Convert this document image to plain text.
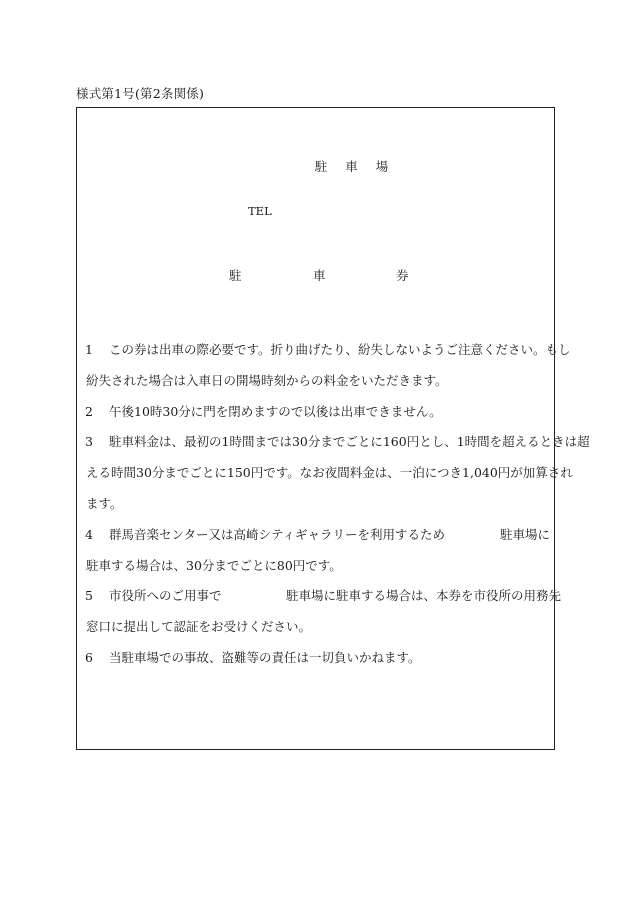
様式第1号(第2条関係)
駐 車 場
TEL
駐	車	券
1	この券は出車の際必要です。折り曲げたり、紛失しないようご注意ください。もし
紛失された場合は入車日の開場時刻からの料金をいただきます。
2	午後10時30分に門を閉めますので以後は出車できません。
3	駐車料金は、最初の1時間までは30分までごとに160円とし、1時間を超えるときは超
える時間30分までごとに150円です。なお夜間料金は、一泊につき1,040円が加算され
ます。
4	群馬音楽センター又は高崎シティギャラリーを利用するため	駐車場に
駐車する場合は、30分までごとに80円です。
5	市役所へのご用事で	駐車場に駐車する場合は、本券を市役所の用務先
窓口に提出して認証をお受けください。
6	当駐車場での事故、盗難等の責任は一切負いかねます。
